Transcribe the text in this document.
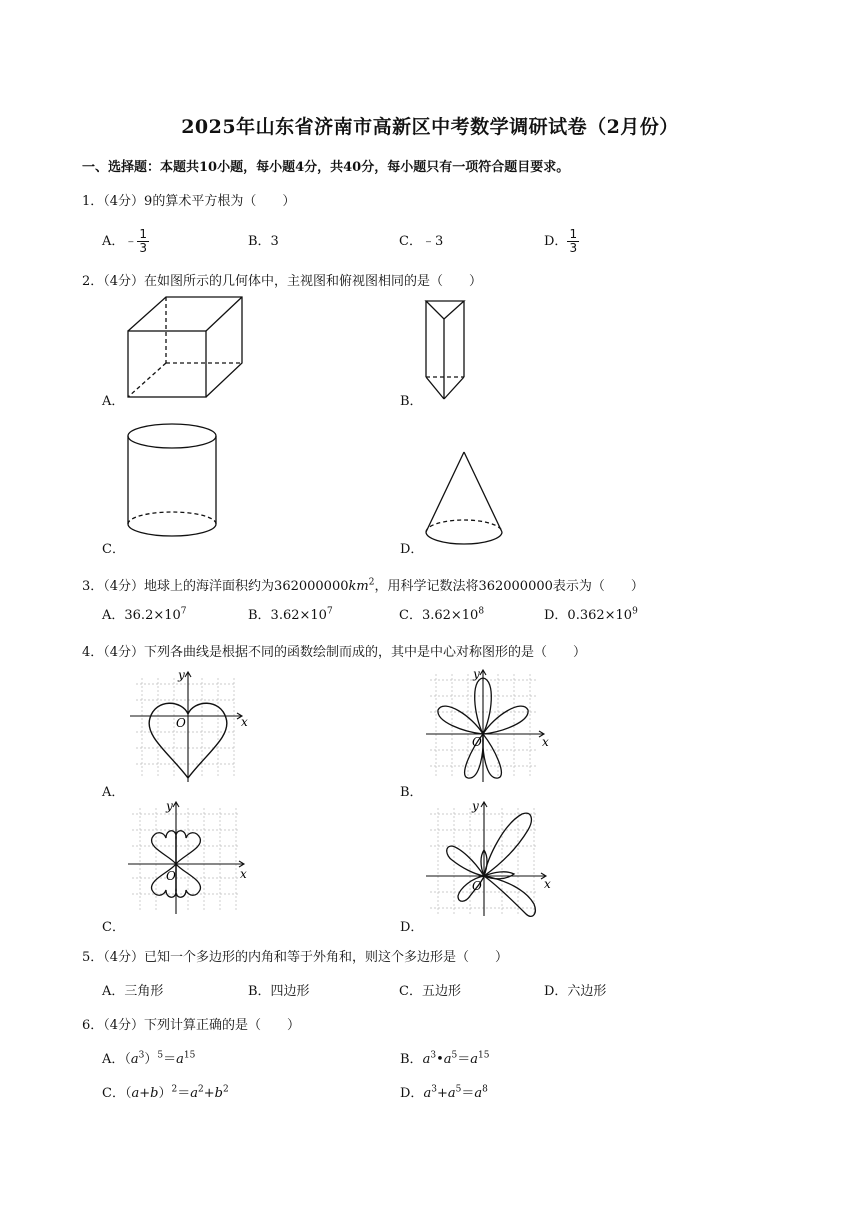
2025年山东省济南市高新区中考数学调研试卷（2月份）
一、选择题：本题共10小题，每小题4分，共40分，每小题只有一项符合题目要求。
1．（4分）9的算术平方根为（　　）
A．﹣ $\frac{1}{3}$	B．3	C．﹣3	D． $\frac{1}{3}$
2．（4分）在如图所示的几何体中，主视图和俯视图相同的是（　　）
A．	B．
C．	D．
3．（4分）地球上的海洋面积约为$362000000km^2$，用科学记数法将362000000表示为（　　）
A．$36.2\times 10^7$	B．$3.62\times 10^7$	C．$3.62\times 10^8$	D．$0.362\times 10^9$
4．（4分）下列各曲线是根据不同的函数绘制而成的，其中是中心对称图形的是（　　）
y
x
O
A．
y
x
O
B．
y
x
O
C．
y
x
O
D．
5．（4分）已知一个多边形的内角和等于外角和，则这个多边形是（　　）
A．三角形	B．四边形	C．五边形	D．六边形
6．（4分）下列计算正确的是（　　）
A．$(a^3)^5=a^{15}$	B．$a^3•a^5=a^{15}$
C．$(a+b)^2=a^2+b^2$	D．$a^3+a^5=a^8$
